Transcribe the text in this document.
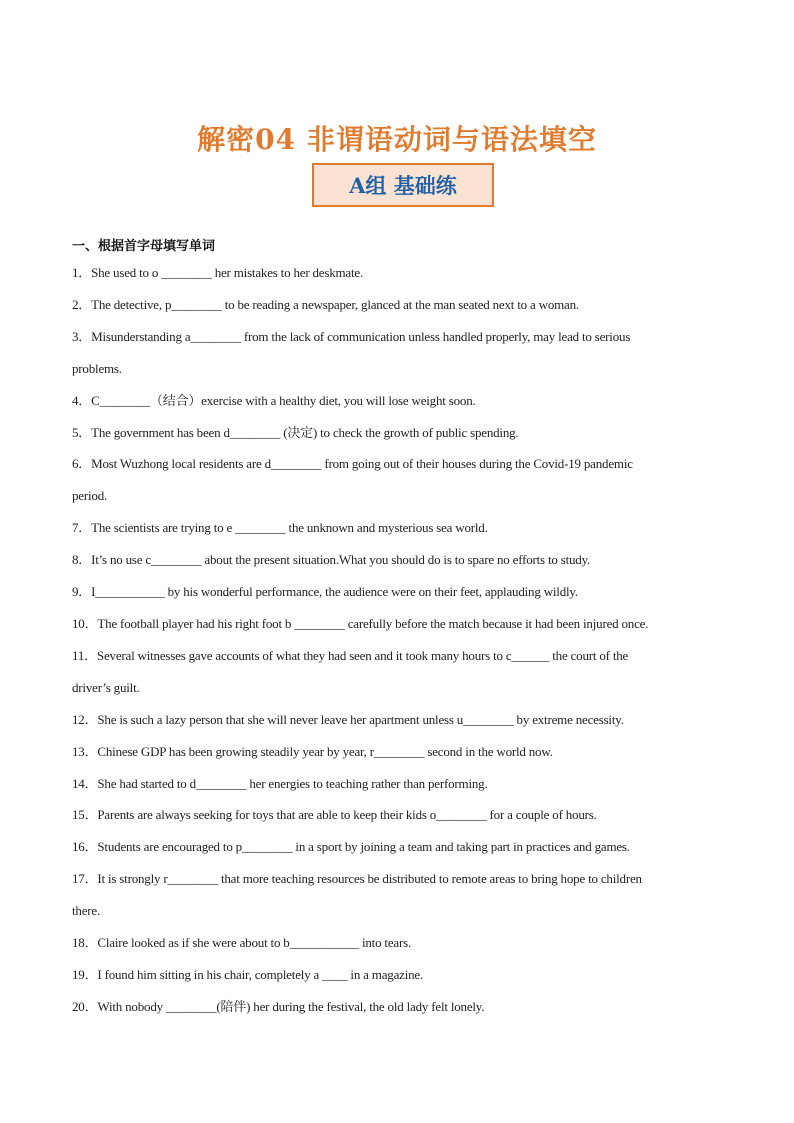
解密04 非谓语动词与语法填空
A组 基础练
一、根据首字母填写单词

1．She used to o ________ her mistakes to her deskmate.

2．The detective, p________ to be reading a newspaper, glanced at the man seated next to a woman.

3．Misunderstanding a________ from the lack of communication unless handled properly, may lead to serious

problems.

4．C________（结合）exercise with a healthy diet, you will lose weight soon.

5．The government has been d________ (决定) to check the growth of public spending.

6．Most Wuzhong local residents are d________ from going out of their houses during the Covid-19 pandemic

period.

7．The scientists are trying to e ________ the unknown and mysterious sea world.

8．It’s no use c________ about the present situation.What you should do is to spare no efforts to study.

9．I___________ by his wonderful performance, the audience were on their feet, applauding wildly.

10．The football player had his right foot b ________ carefully before the match because it had been injured once.

11．Several witnesses gave accounts of what they had seen and it took many hours to c______ the court of the

driver’s guilt.

12．She is such a lazy person that she will never leave her apartment unless u________ by extreme necessity.

13．Chinese GDP has been growing steadily year by year, r________ second in the world now.

14．She had started to d________ her energies to teaching rather than performing.

15．Parents are always seeking for toys that are able to keep their kids o________ for a couple of hours.

16．Students are encouraged to p________ in a sport by joining a team and taking part in practices and games.

17．It is strongly r________ that more teaching resources be distributed to remote areas to bring hope to children

there.

18．Claire looked as if she were about to b___________ into tears.

19．I found him sitting in his chair, completely a ____ in a magazine.

20．With nobody ________(陪伴) her during the festival, the old lady felt lonely.
